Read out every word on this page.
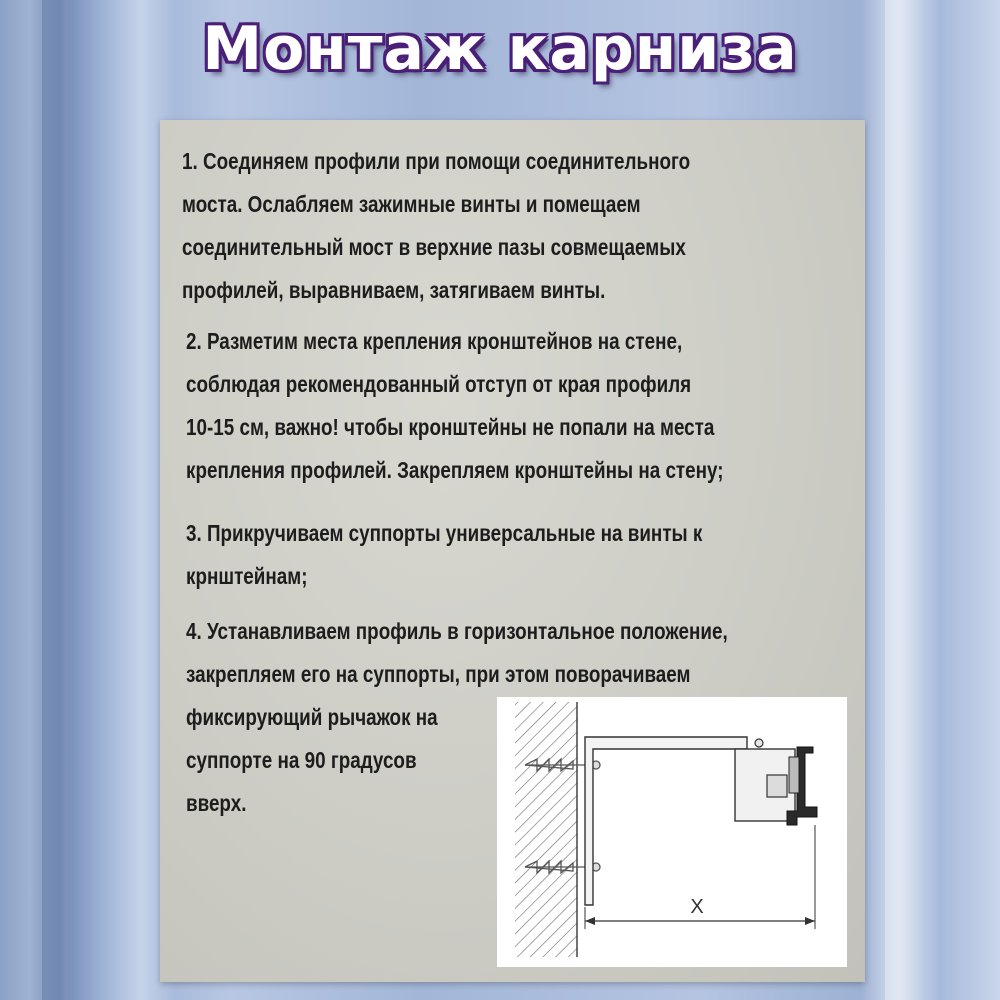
Монтаж карниза
1. Соединяем профили при помощи соединительного
моста. Ослабляем зажимные винты и помещаем
соединительный мост в верхние пазы совмещаемых
профилей, выравниваем, затягиваем винты.
2. Разметим места крепления кронштейнов на стене,
соблюдая рекомендованный отступ от края профиля
10-15 см, важно! чтобы кронштейны не попали на места
крепления профилей. Закрепляем кронштейны на стену;
3. Прикручиваем суппорты универсальные на винты к
крнштейнам;
4. Устанавливаем профиль в горизонтальное положение,
закрепляем его на суппорты, при этом поворачиваем
фиксирующий рычажок на
суппорте на 90 градусов
вверх.
X
